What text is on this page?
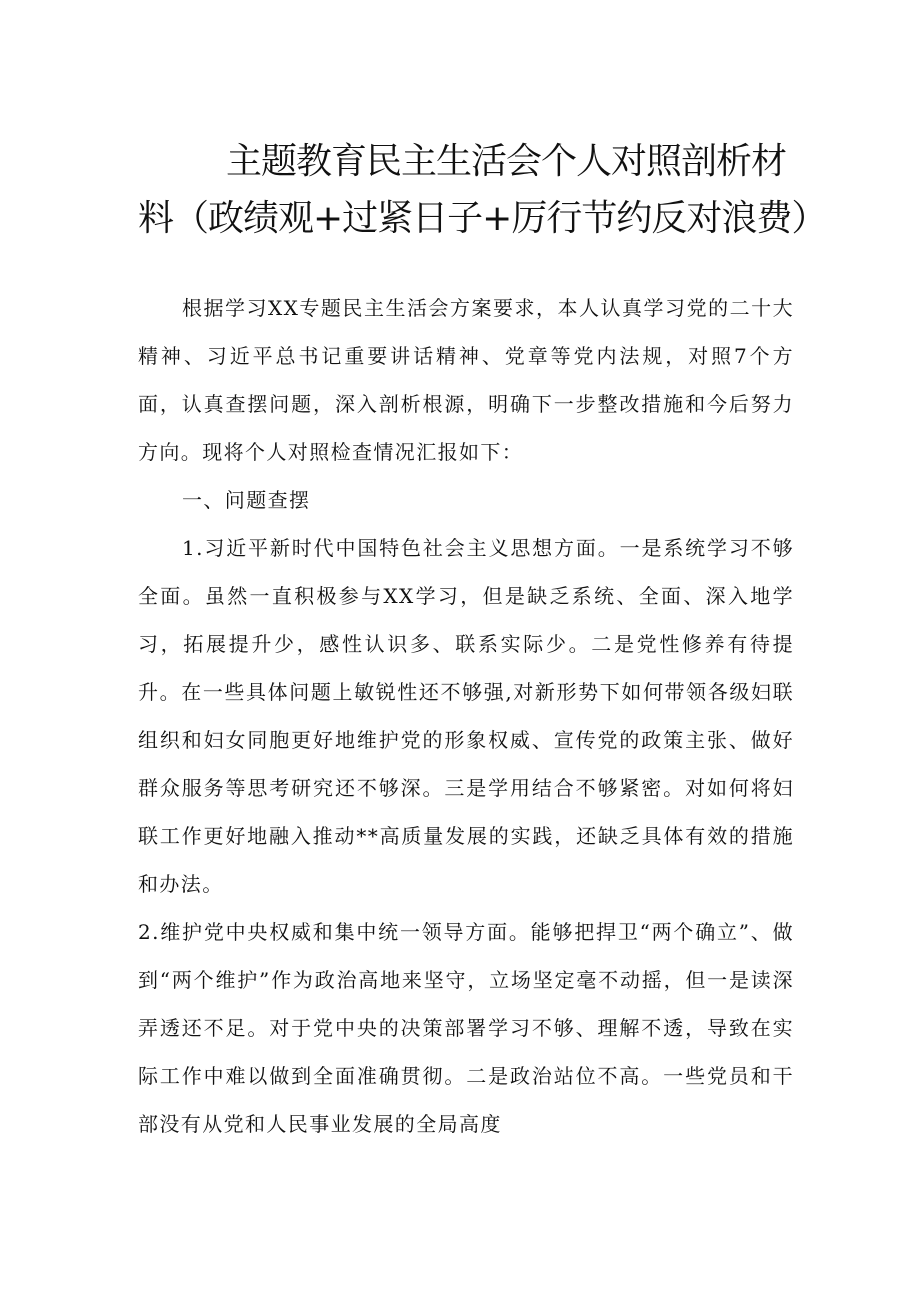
主题教育民主生活会个人对照剖析材
料（政绩观+过紧日子+厉行节约反对浪费）

根据学习XX专题民主生活会方案要求，本人认真学习党的二十大精神、习近平总书记重要讲话精神、党章等党内法规，对照7个方面，认真查摆问题，深入剖析根源，明确下一步整改措施和今后努力方向。现将个人对照检查情况汇报如下：

一、问题查摆

1.习近平新时代中国特色社会主义思想方面。一是系统学习不够全面。虽然一直积极参与XX学习，但是缺乏系统、全面、深入地学习，拓展提升少，感性认识多、联系实际少。二是党性修养有待提升。在一些具体问题上敏锐性还不够强,对新形势下如何带领各级妇联组织和妇女同胞更好地维护党的形象权威、宣传党的政策主张、做好群众服务等思考研究还不够深。三是学用结合不够紧密。对如何将妇联工作更好地融入推动**高质量发展的实践，还缺乏具体有效的措施和办法。

2.维护党中央权威和集中统一领导方面。能够把捍卫“两个确立”、做到“两个维护”作为政治高地来坚守，立场坚定毫不动摇，但一是读深弄透还不足。对于党中央的决策部署学习不够、理解不透，导致在实际工作中难以做到全面准确贯彻。二是政治站位不高。一些党员和干部没有从党和人民事业发展的全局高度
